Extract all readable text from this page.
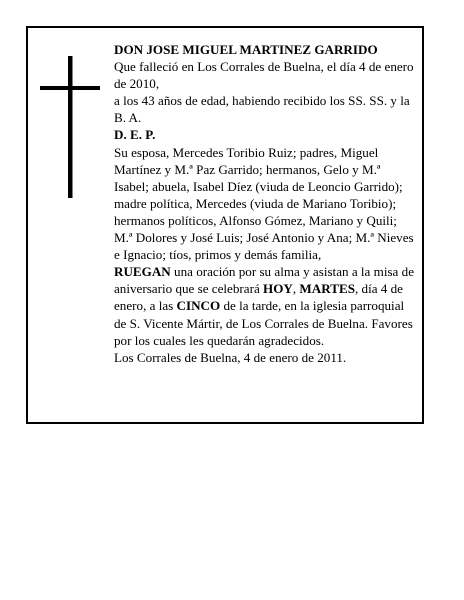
DON JOSE MIGUEL MARTINEZ GARRIDO

Que falleció en Los Corrales de Buelna, el día 4 de enero de 2010,

a los 43 años de edad, habiendo recibido los SS. SS. y la B. A.

D. E. P.

Su esposa, Mercedes Toribio Ruiz; padres, Miguel Martínez y M.ª Paz Garrido; hermanos, Gelo y M.ª Isabel; abuela, Isabel Díez (viuda de Leoncio Garrido); madre política, Mercedes (viuda de Mariano Toribio); hermanos políticos, Alfonso Gómez, Mariano y Quili; M.ª Dolores y José Luis; José Antonio y Ana; M.ª Nieves e Ignacio; tíos, primos y demás familia,

RUEGAN una oración por su alma y asistan a la misa de aniversario que se celebrará HOY, MARTES, día 4 de enero, a las CINCO de la tarde, en la iglesia parroquial de S. Vicente Mártir, de Los Corrales de Buelna. Favores por los cuales les quedarán agradecidos.

Los Corrales de Buelna, 4 de enero de 2011.
